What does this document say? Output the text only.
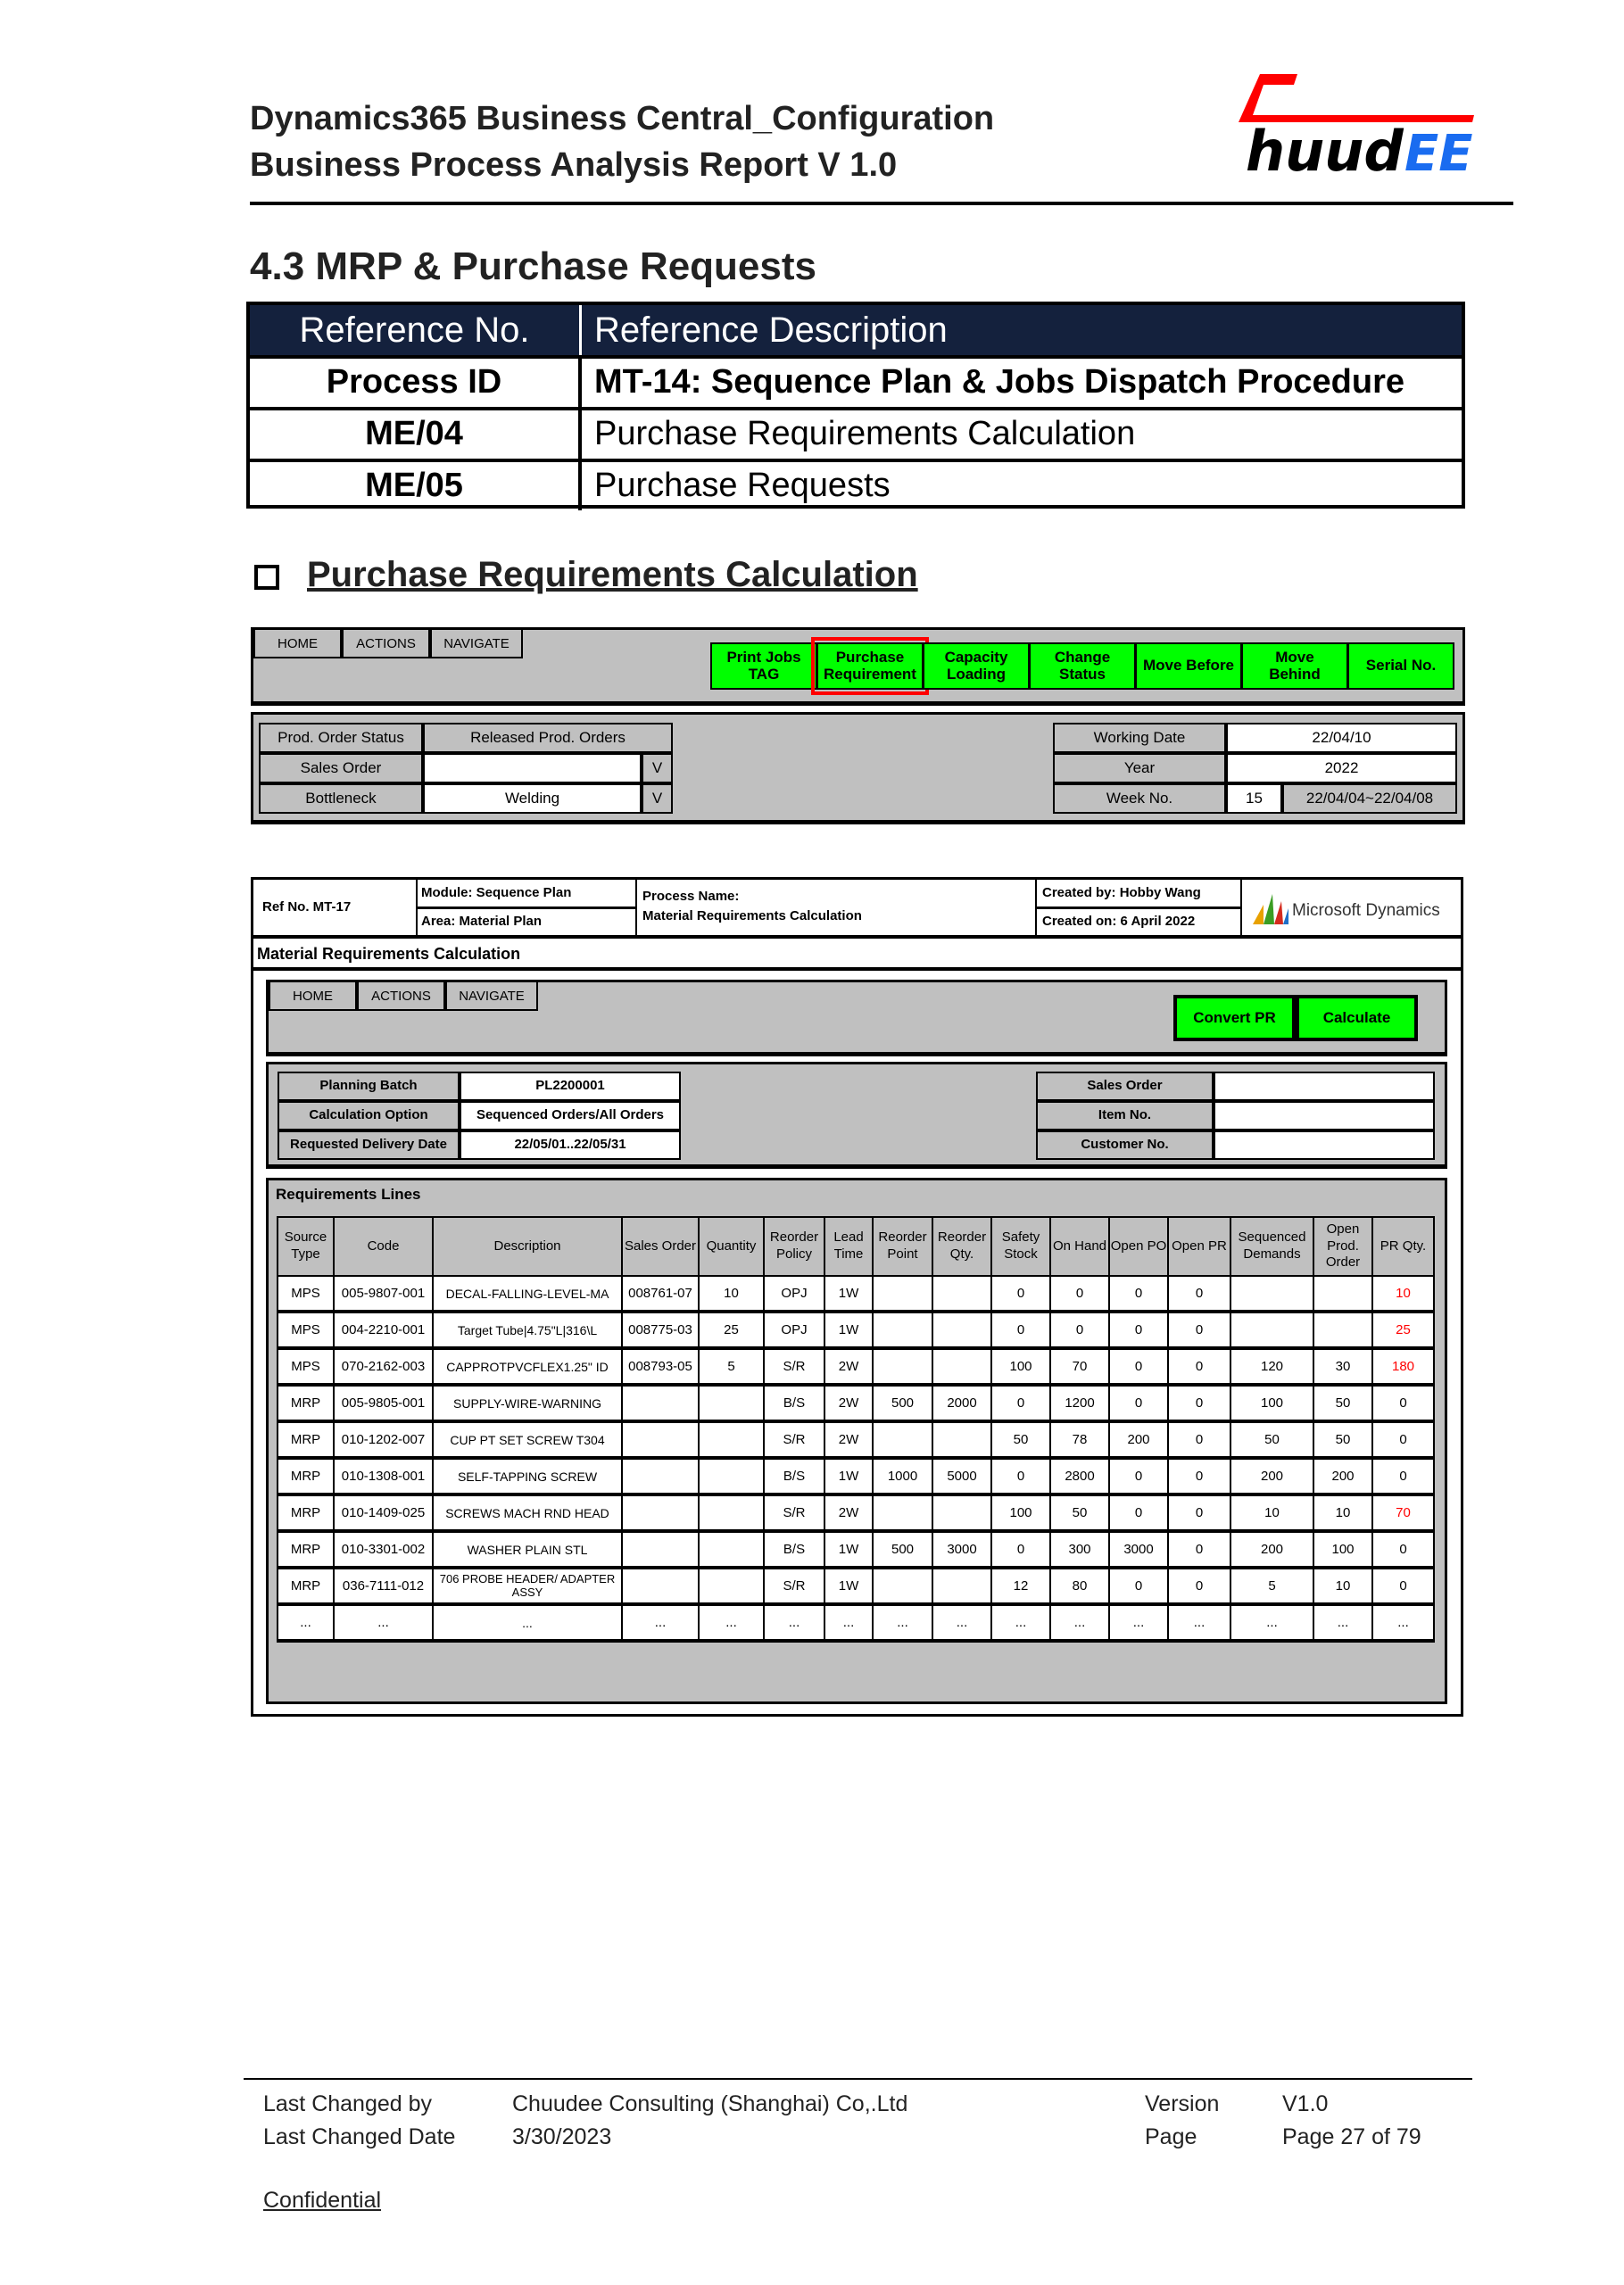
Dynamics365 Business Central_Configuration
Business Process Analysis Report V 1.0	huud EE
4.3 MRP & Purchase Requests
Reference No.	Reference Description
Process ID	MT-14: Sequence Plan & Jobs Dispatch Procedure
ME/04	Purchase Requirements Calculation
ME/05	Purchase Requests
Purchase Requirements Calculation
HOME	ACTIONS	NAVIGATE
Print Jobs TAG
Purchase Requirement
Capacity Loading
Change Status	Move Before	Move Behind	Serial No.
Prod. Order Status	Released Prod. Orders
Sales Order	V
Bottleneck	Welding	V
Working Date	22/04/10
Year	2022
Week No.	15	22/04/04~22/04/08
Ref No. MT-17
Module: Sequence Plan
Area: Material Plan
Process Name:
Material Requirements Calculation
Created by: Hobby Wang
Created on: 6 April 2022
Microsoft Dynamics
Material Requirements Calculation
HOME	ACTIONS	NAVIGATE
Convert PR	Calculate
Planning Batch	PL2200001
Calculation Option	Sequenced Orders/All Orders
Requested Delivery Date	22/05/01..22/05/31
Sales Order
Item No.
Customer No.
Requirements Lines
Source Type	Code	Description	Sales Order	Quantity	Reorder Policy	Lead Time	Reorder Point	Reorder Qty.	Safety Stock	On Hand	Open PO	Open PR	Sequenced Demands	Open Prod. Order	PR Qty.
MPS	005-9807-001	DECAL-FALLING-LEVEL-MA	008761-07	10	OPJ	1W			0	0	0	0			10
MPS	004-2210-001	Target Tube|4.75"L|316\L	008775-03	25	OPJ	1W			0	0	0	0			25
MPS	070-2162-003	CAPPROTPVCFLEX1.25" ID	008793-05	5	S/R	2W			100	70	0	0	120	30	180
MRP	005-9805-001	SUPPLY-WIRE-WARNING			B/S	2W	500	2000	0	1200	0	0	100	50	0
MRP	010-1202-007	CUP PT SET SCREW T304			S/R	2W			50	78	200	0	50	50	0
MRP	010-1308-001	SELF-TAPPING SCREW			B/S	1W	1000	5000	0	2800	0	0	200	200	0
MRP	010-1409-025	SCREWS MACH RND HEAD			S/R	2W			100	50	0	0	10	10	70
MRP	010-3301-002	WASHER PLAIN STL			B/S	1W	500	3000	0	300	3000	0	200	100	0
MRP	036-7111-012	706 PROBE HEADER/ ADAPTER ASSY			S/R	1W			12	80	0	0	5	10	0
...	...	...	...	...	...	...	...	...	...	...	...	...	...	...	...
Last Changed by	Chuudee Consulting (Shanghai) Co,.Ltd	Version	V1.0
Last Changed Date	3/30/2023	Page	Page 27 of 79
Confidential
